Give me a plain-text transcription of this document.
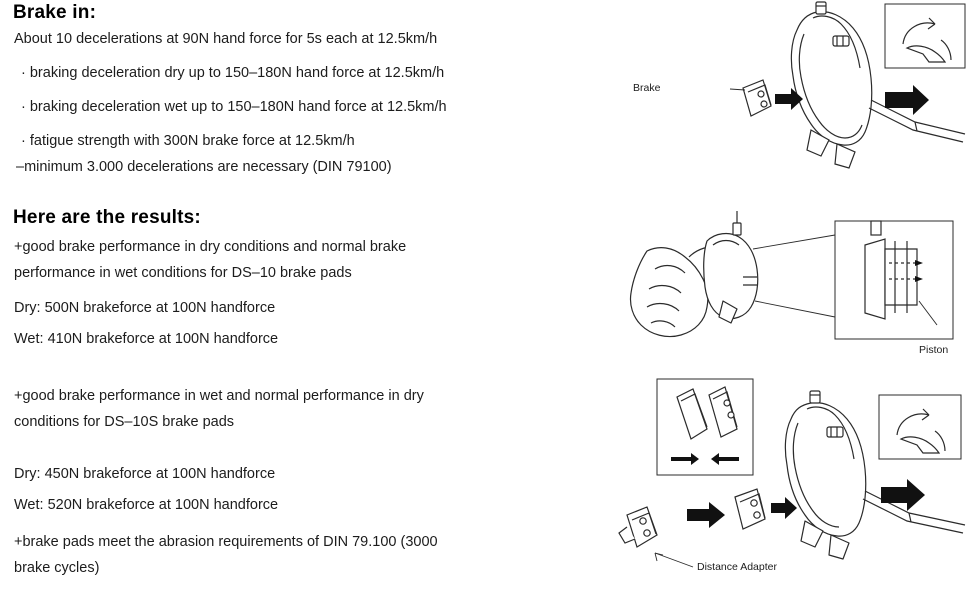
Brake in:
About 10 decelerations at 90N hand force for 5s each at 12.5km/h
· braking deceleration dry up to 150–180N hand force at 12.5km/h
· braking deceleration wet up to 150–180N hand force at 12.5km/h
· fatigue strength with 300N brake force at 12.5km/h
–minimum 3.000 decelerations are necessary (DIN 79100)
Here are the results:
+good brake performance in dry conditions and normal brake
performance in wet conditions for DS–10 brake pads
Dry: 500N brakeforce at 100N handforce
Wet: 410N brakeforce at 100N handforce
+good brake performance in wet and normal performance in dry
conditions for DS–10S brake pads
Dry: 450N brakeforce at 100N handforce
Wet: 520N brakeforce at 100N handforce
+brake pads meet the abrasion requirements of DIN 79.100 (3000
brake cycles)
Brake
Piston
Distance Adapter
